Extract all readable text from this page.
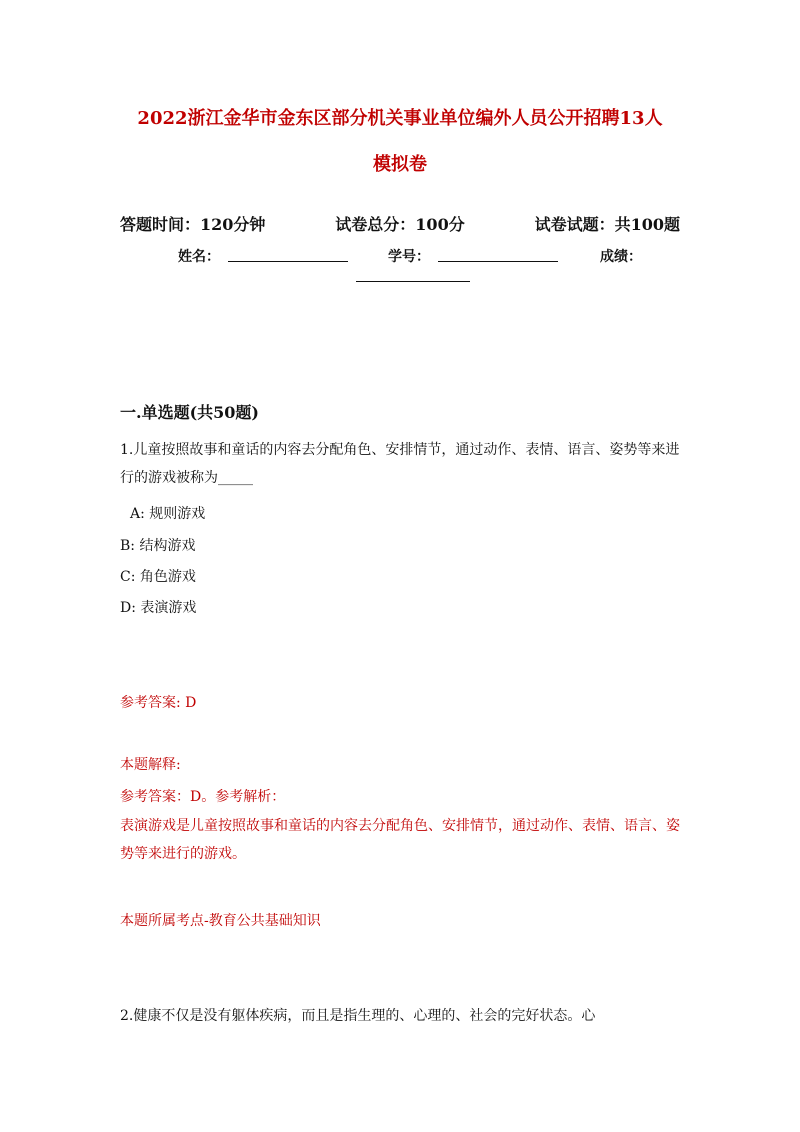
2022浙江金华市金东区部分机关事业单位编外人员公开招聘13人
模拟卷
答题时间：120分钟	试卷总分：100分	试卷试题：共100题
姓名：	学号：	成绩：
一.单选题(共50题)
1.儿童按照故事和童话的内容去分配角色、安排情节，通过动作、表情、语言、姿势等来进行的游戏被称为_____
A: 规则游戏
B: 结构游戏
C: 角色游戏
D: 表演游戏
参考答案: D
本题解释:
参考答案：D。参考解析：
表演游戏是儿童按照故事和童话的内容去分配角色、安排情节，通过动作、表情、语言、姿势等来进行的游戏。
本题所属考点-教育公共基础知识
2.健康不仅是没有躯体疾病，而且是指生理的、心理的、社会的完好状态。心
